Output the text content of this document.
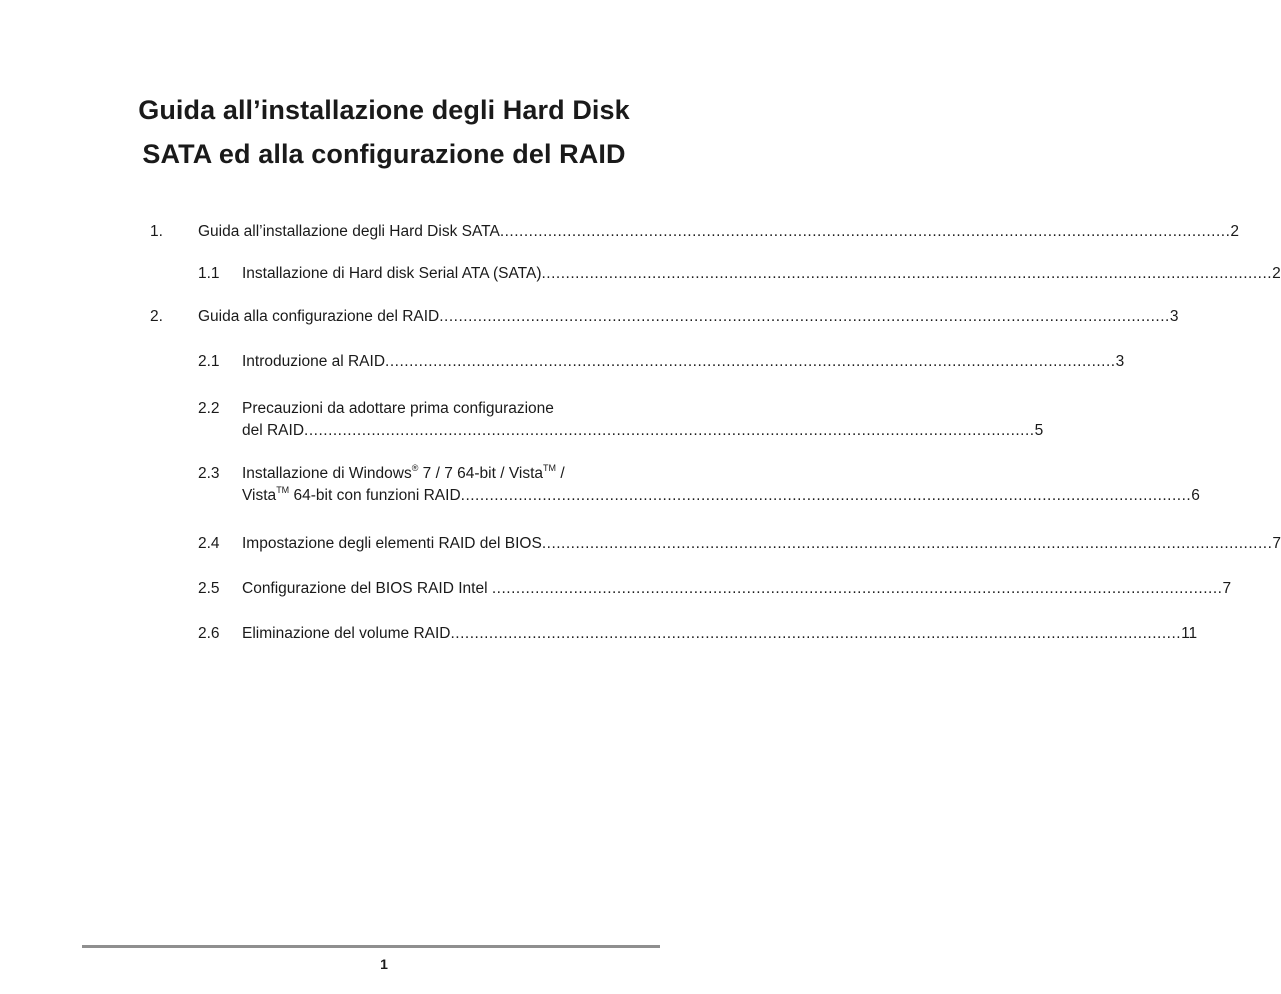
Guida all’installazione degli Hard Disk
SATA ed alla configurazione del RAID
1. Guida all’installazione degli Hard Disk SATA ........................................................................................................................................................ 2
1.1 Installazione di Hard disk Serial ATA (SATA) ........................................................................................................................................................ 2
2. Guida alla configurazione del RAID ........................................................................................................................................................ 3
2.1 Introduzione al RAID ........................................................................................................................................................ 3
2.2 Precauzioni da adottare prima configurazione
del RAID ........................................................................................................................................................ 5
2.3 Installazione di Windows® 7 / 7 64-bit / Vista™ /
Vista™ 64-bit con funzioni RAID ........................................................................................................................................................ 6
2.4 Impostazione degli elementi RAID del BIOS ........................................................................................................................................................ 7
2.5 Configurazione del BIOS RAID Intel ........................................................................................................................................................ 7
2.6 Eliminazione del volume RAID ........................................................................................................................................................ 11
1
